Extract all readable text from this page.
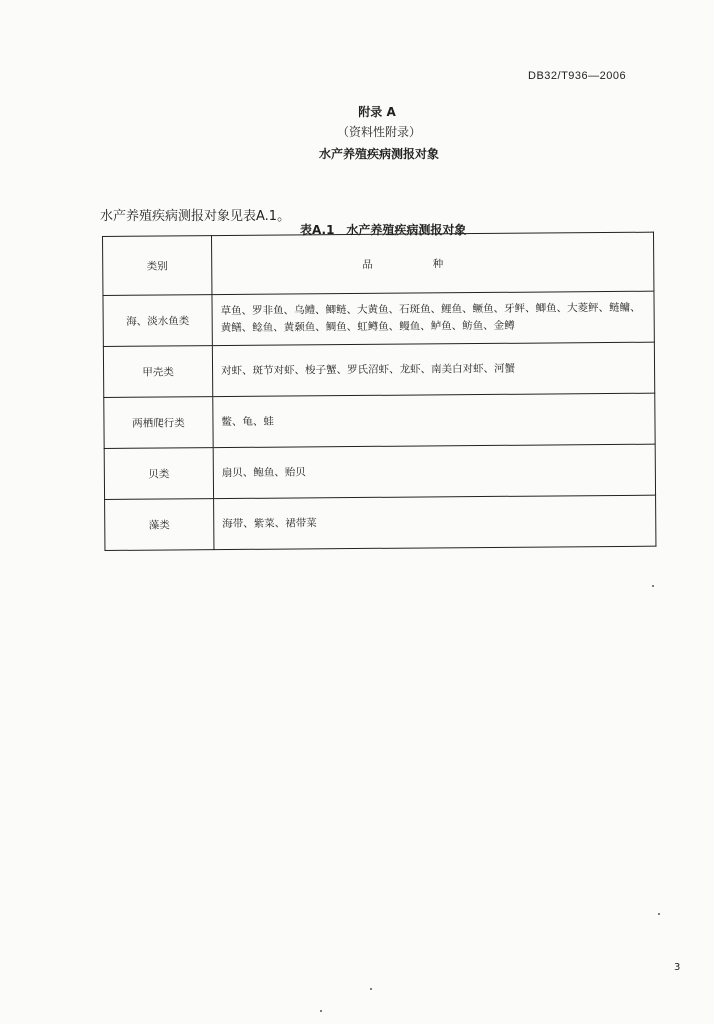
DB32/T936—2006
附录 A
（资料性附录）
水产养殖疾病测报对象
水产养殖疾病测报对象见表A.1。
表A.1　水产养殖疾病测报对象
类别	品种
海、淡水鱼类	草鱼、罗非鱼、乌鳢、鲫鲢、大黄鱼、石斑鱼、鲤鱼、鳜鱼、牙鲆、鲫鱼、大菱鲆、鲢鳙、黄鳝、鲶鱼、黄颡鱼、鲷鱼、虹鳟鱼、鳗鱼、鲈鱼、鲂鱼、金鳟
甲壳类	对虾、斑节对虾、梭子蟹、罗氏沼虾、龙虾、南美白对虾、河蟹
两栖爬行类	鳖、龟、蛙
贝类	扇贝、鲍鱼、贻贝
藻类	海带、紫菜、裙带菜
3
